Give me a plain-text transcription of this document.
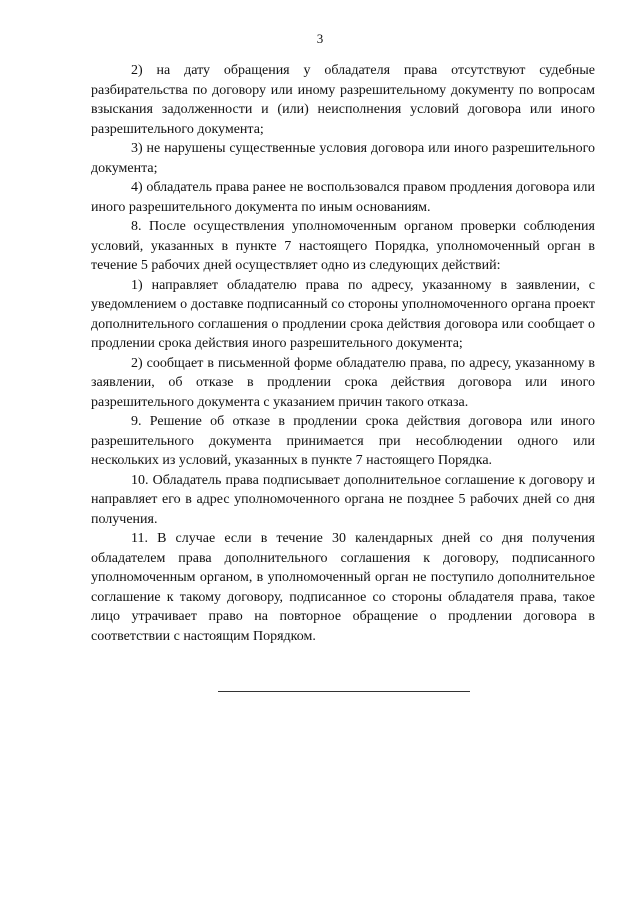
3

2) на дату обращения у обладателя права отсутствуют судебные разбирательства по договору или иному разрешительному документу по вопросам взыскания задолженности и (или) неисполнения условий договора или иного разрешительного документа;

3) не нарушены существенные условия договора или иного разрешительного документа;

4) обладатель права ранее не воспользовался правом продления договора или иного разрешительного документа по иным основаниям.

8. После осуществления уполномоченным органом проверки соблюдения условий, указанных в пункте 7 настоящего Порядка, уполномоченный орган в течение 5 рабочих дней осуществляет одно из следующих действий:

1) направляет обладателю права по адресу, указанному в заявлении, с уведомлением о доставке подписанный со стороны уполномоченного органа проект дополнительного соглашения о продлении срока действия договора или сообщает о продлении срока действия иного разрешительного документа;

2) сообщает в письменной форме обладателю права, по адресу, указанному в заявлении, об отказе в продлении срока действия договора или иного разрешительного документа с указанием причин такого отказа.

9. Решение об отказе в продлении срока действия договора или иного разрешительного документа принимается при несоблюдении одного или нескольких из условий, указанных в пункте 7 настоящего Порядка.

10. Обладатель права подписывает дополнительное соглашение к договору и направляет его в адрес уполномоченного органа не позднее 5 рабочих дней со дня получения.

11. В случае если в течение 30 календарных дней со дня получения обладателем права дополнительного соглашения к договору, подписанного уполномоченным органом, в уполномоченный орган не поступило дополнительное соглашение к такому договору, подписанное со стороны обладателя права, такое лицо утрачивает право на повторное обращение о продлении договора в соответствии с настоящим Порядком.
